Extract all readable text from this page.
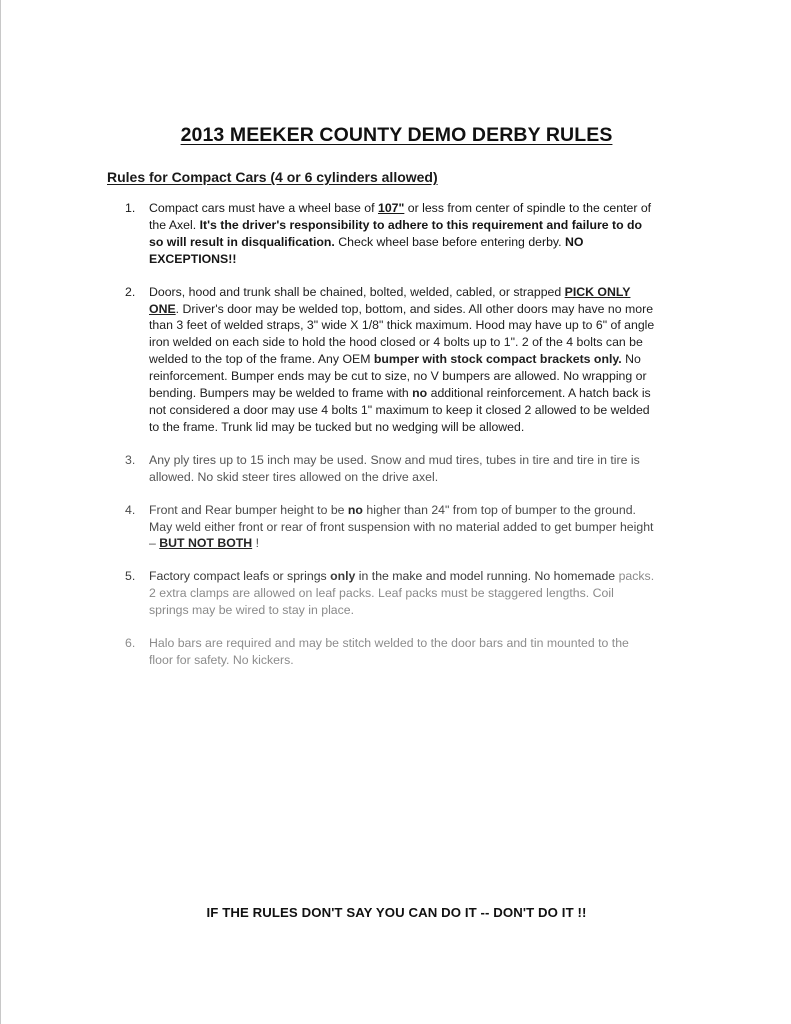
2013 MEEKER COUNTY DEMO DERBY RULES
Rules for Compact Cars (4 or 6 cylinders allowed)
1.	Compact cars must have a wheel base of 107" or less from center of spindle to the center of the Axel. It's the driver's responsibility to adhere to this requirement and failure to do so will result in disqualification. Check wheel base before entering derby. NO EXCEPTIONS!!
2.	Doors, hood and trunk shall be chained, bolted, welded, cabled, or strapped PICK ONLY ONE. Driver's door may be welded top, bottom, and sides. All other doors may have no more than 3 feet of welded straps, 3" wide X 1/8" thick maximum. Hood may have up to 6" of angle iron welded on each side to hold the hood closed or 4 bolts up to 1". 2 of the 4 bolts can be welded to the top of the frame. Any OEM bumper with stock compact brackets only. No reinforcement. Bumper ends may be cut to size, no V bumpers are allowed. No wrapping or bending. Bumpers may be welded to frame with no additional reinforcement. A hatch back is not considered a door may use 4 bolts 1" maximum to keep it closed 2 allowed to be welded to the frame. Trunk lid may be tucked but no wedging will be allowed.
3.	Any ply tires up to 15 inch may be used. Snow and mud tires, tubes in tire and tire in tire is allowed. No skid steer tires allowed on the drive axel.
4.	Front and Rear bumper height to be no higher than 24" from top of bumper to the ground. May weld either front or rear of front suspension with no material added to get bumper height – BUT NOT BOTH !
5.	Factory compact leafs or springs only in the make and model running. No homemade packs. 2 extra clamps are allowed on leaf packs. Leaf packs must be staggered lengths. Coil springs may be wired to stay in place.
6.	Halo bars are required and may be stitch welded to the door bars and tin mounted to the floor for safety. No kickers.
IF THE RULES DON'T SAY YOU CAN DO IT -- DON'T DO IT !!
